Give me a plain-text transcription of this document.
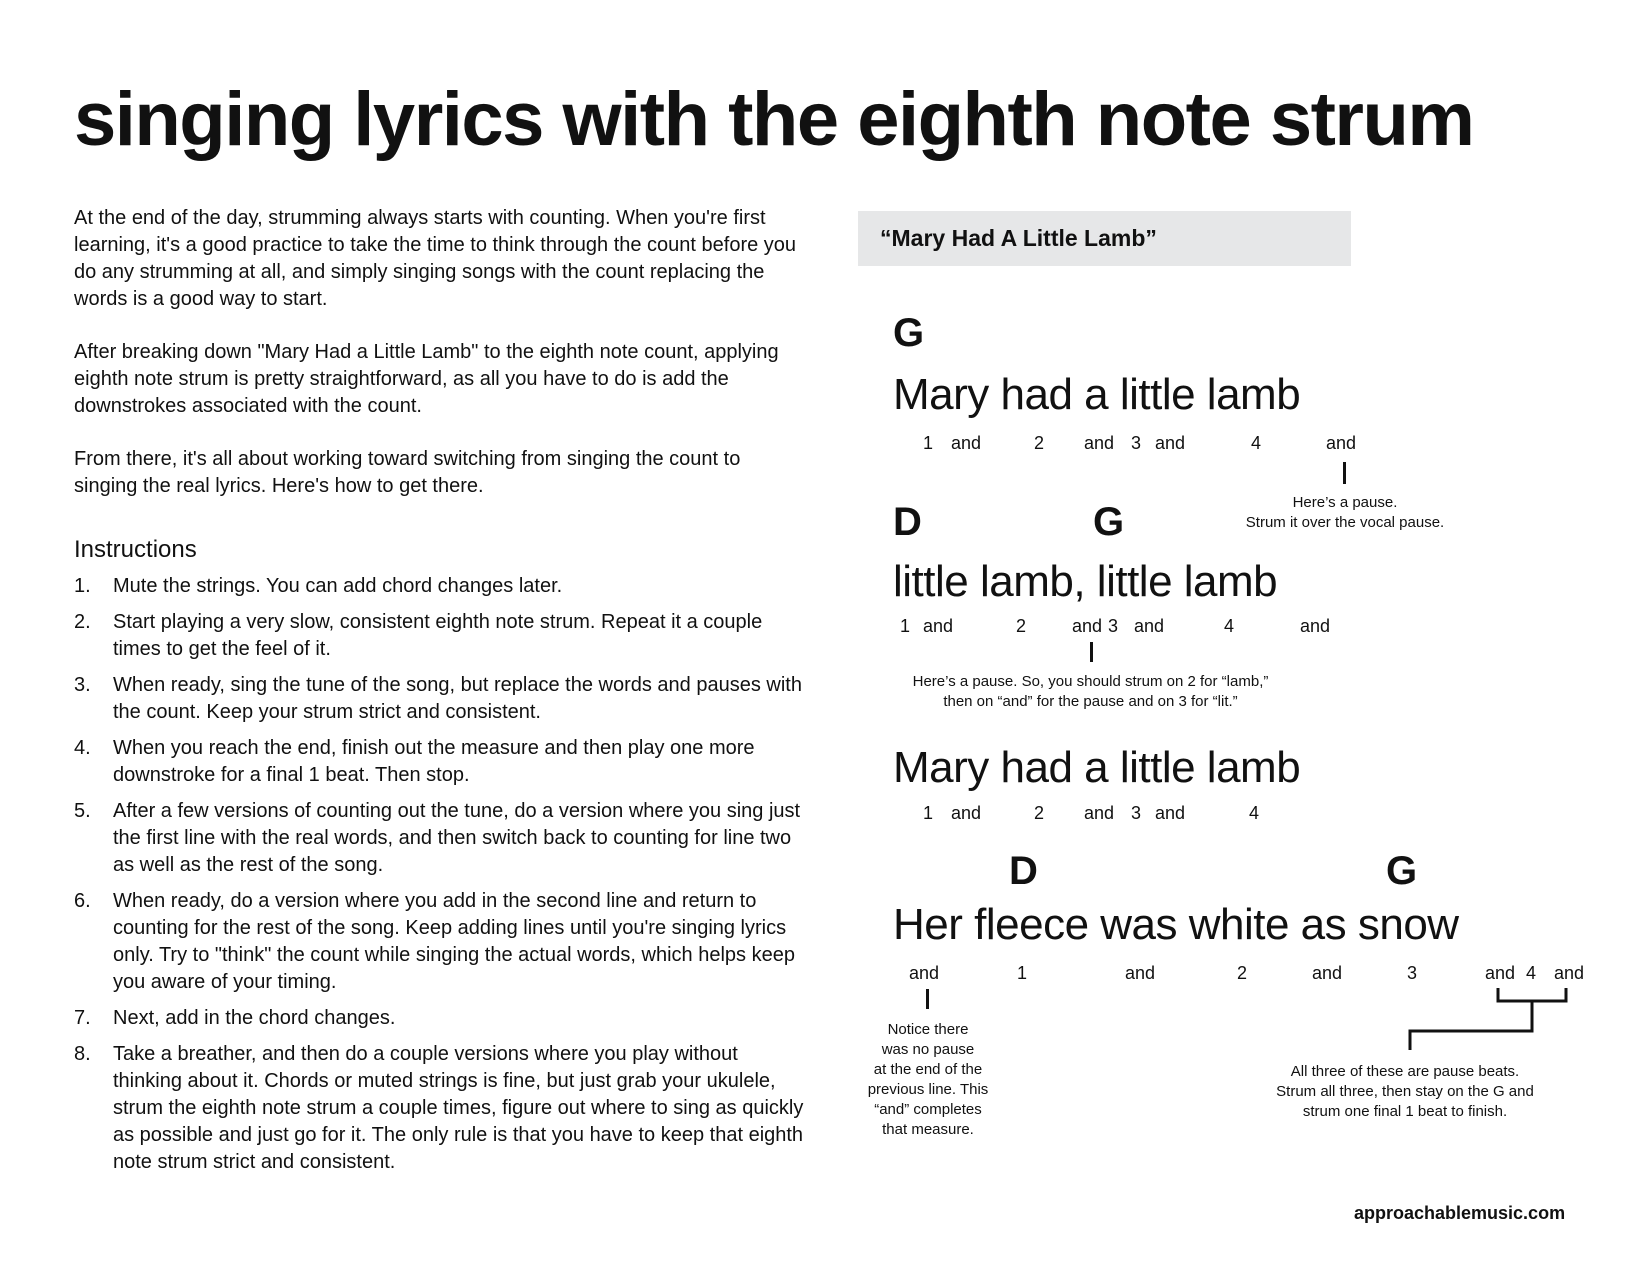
singing lyrics with the eighth note strum

At the end of the day, strumming always starts with counting. When you're first learning, it's a good practice to take the time to think through the count before you do any strumming at all, and simply singing songs with the count replacing the words is a good way to start.

After breaking down "Mary Had a Little Lamb" to the eighth note count, applying eighth note strum is pretty straightforward, as all you have to do is add the downstrokes associated with the count.

From there, it's all about working toward switching from singing the count to singing the real lyrics. Here's how to get there.

Instructions
1. Mute the strings. You can add chord changes later.
2. Start playing a very slow, consistent eighth note strum. Repeat it a couple times to get the feel of it.
3. When ready, sing the tune of the song, but replace the words and pauses with the count. Keep your strum strict and consistent.
4. When you reach the end, finish out the measure and then play one more downstroke for a final 1 beat. Then stop.
5. After a few versions of counting out the tune, do a version where you sing just the first line with the real words, and then switch back to counting for line two as well as the rest of the song.
6. When ready, do a version where you add in the second line and return to counting for the rest of the song. Keep adding lines until you're singing lyrics only. Try to "think" the count while singing the actual words, which helps keep you aware of your timing.
7. Next, add in the chord changes.
8. Take a breather, and then do a couple versions where you play without thinking about it. Chords or muted strings is fine, but just grab your ukulele, strum the eighth note strum a couple times, figure out where to sing as quickly as possible and just go for it. The only rule is that you have to keep that eighth note strum strict and consistent.
“Mary Had A Little Lamb”
G
Mary had a little lamb
1 and	2 and 3 and	4	and
Here’s a pause.
Strum it over the vocal pause.
D	G
little lamb, little lamb
1 and	2	and 3 and	4	and
Here’s a pause. So, you should strum on 2 for “lamb,”
then on “and” for the pause and on 3 for “lit.”
Mary had a little lamb
1 and	2 and 3 and	4
D	G
Her fleece was white as snow
and	1	and	2	and	3	and 4 and
Notice there
was no pause
at the end of the
previous line. This
“and” completes
that measure.
All three of these are pause beats.
Strum all three, then stay on the G and
strum one final 1 beat to finish.
approachablemusic.com
